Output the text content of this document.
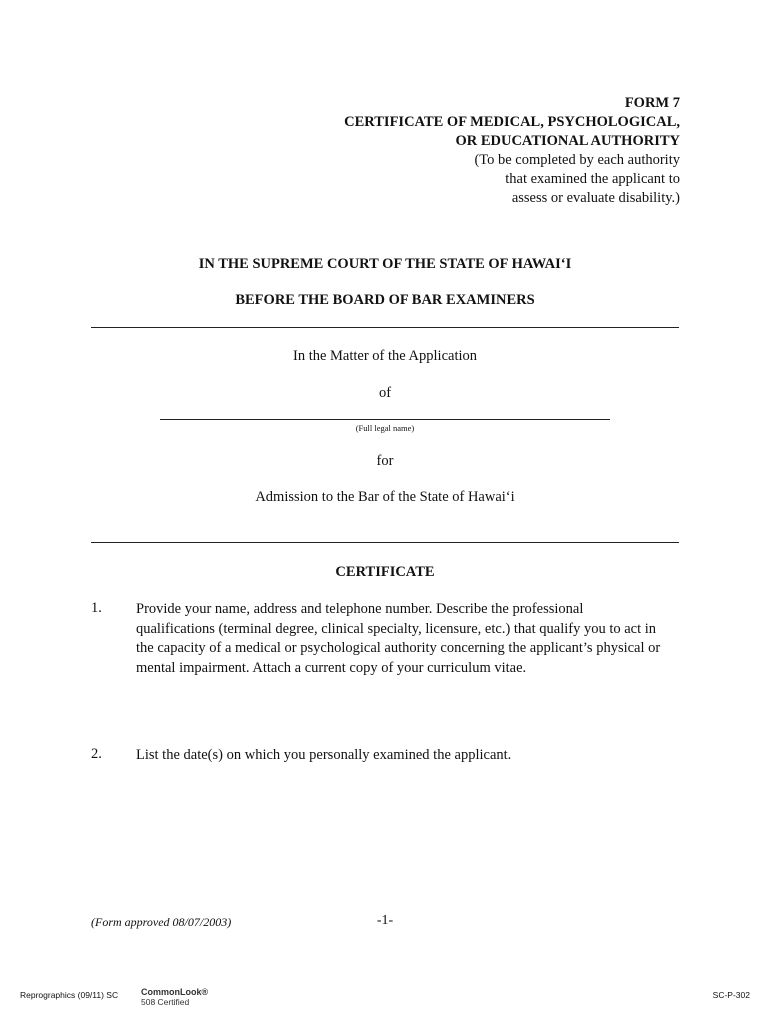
FORM 7
CERTIFICATE OF MEDICAL, PSYCHOLOGICAL,
OR EDUCATIONAL AUTHORITY
(To be completed by each authority
that examined the applicant to
assess or evaluate disability.)
IN THE SUPREME COURT OF THE STATE OF HAWAIʻI
BEFORE THE BOARD OF BAR EXAMINERS
In the Matter of the Application
of
(Full legal name)
for
Admission to the Bar of the State of Hawaiʻi
CERTIFICATE
1. Provide your name, address and telephone number. Describe the professional
qualifications (terminal degree, clinical specialty, licensure, etc.) that qualify you to act in
the capacity of a medical or psychological authority concerning the applicant’s physical or
mental impairment. Attach a current copy of your curriculum vitae.
2. List the date(s) on which you personally examined the applicant.
(Form approved 08/07/2003)	-1-
Reprographics (09/11) SC	CommonLook®
508 Certified
SC-P-302
